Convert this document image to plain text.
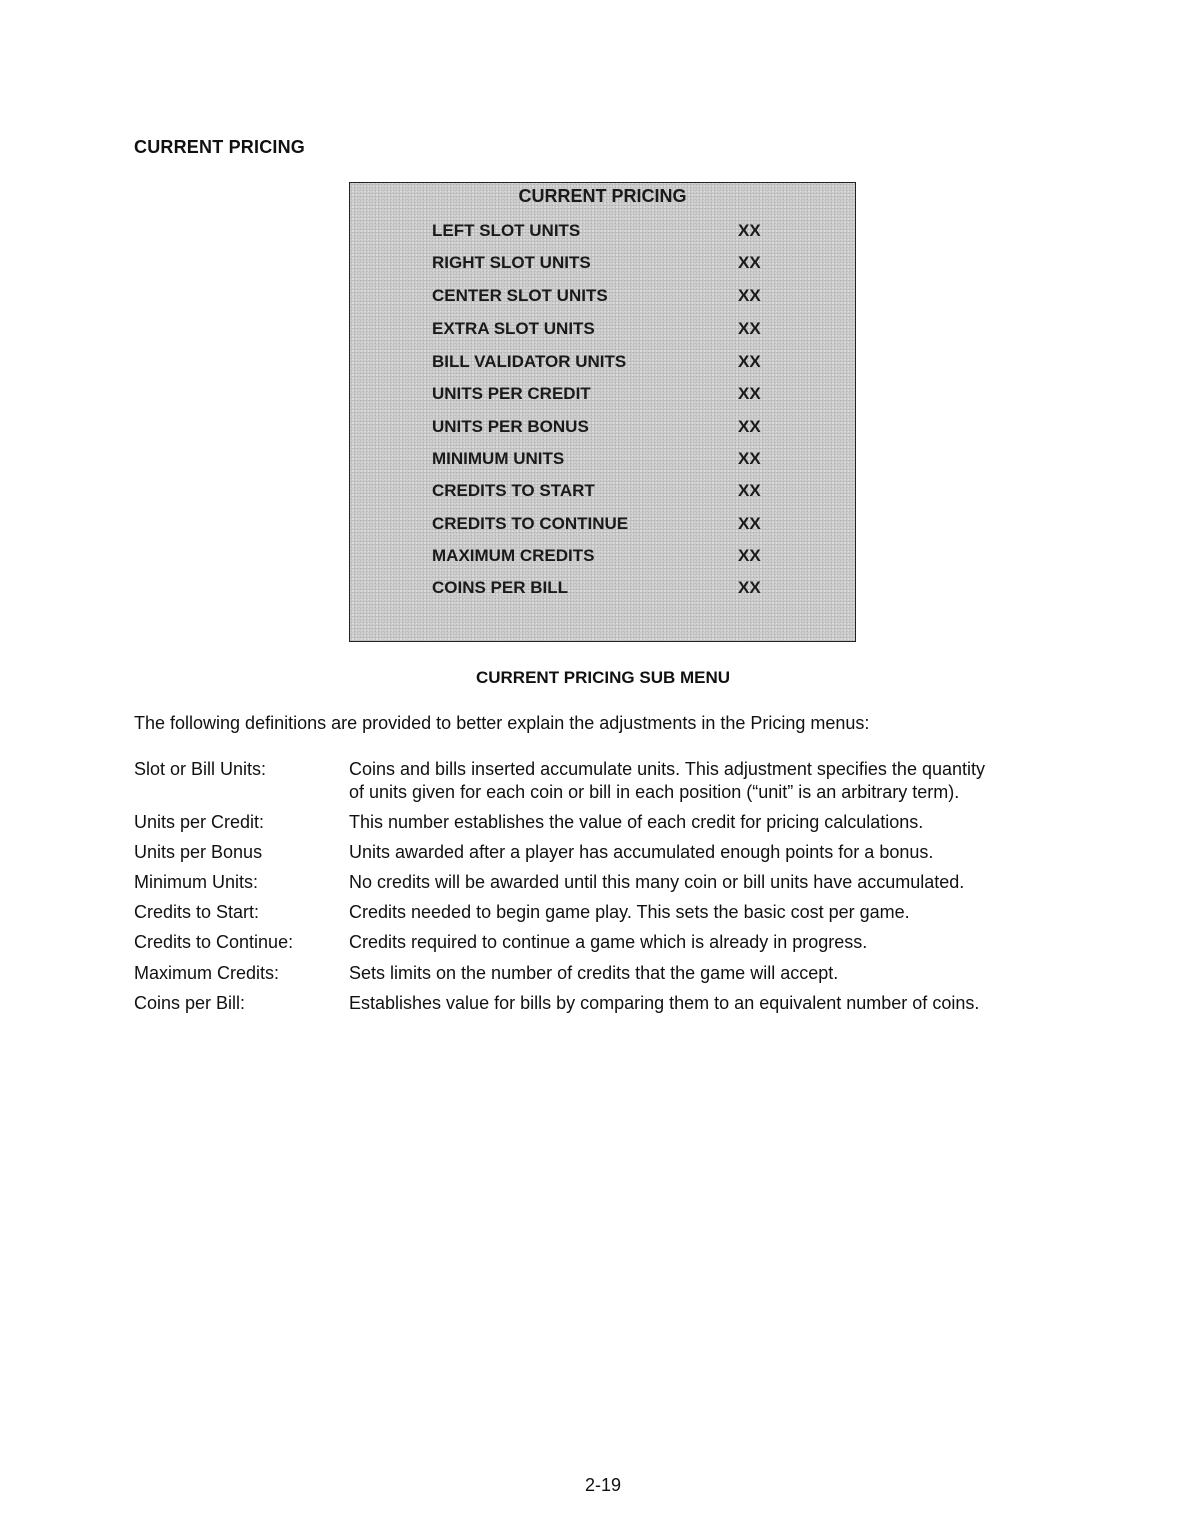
CURRENT PRICING
CURRENT PRICING
LEFT SLOT UNITS	XX
RIGHT SLOT UNITS	XX
CENTER SLOT UNITS	XX
EXTRA SLOT UNITS	XX
BILL VALIDATOR UNITS	XX
UNITS PER CREDIT	XX
UNITS PER BONUS	XX
MINIMUM UNITS	XX
CREDITS TO START	XX
CREDITS TO CONTINUE	XX
MAXIMUM CREDITS	XX
COINS PER BILL	XX
CURRENT PRICING SUB MENU
The following definitions are provided to better explain the adjustments in the Pricing menus:
Slot or Bill Units:	Coins and bills inserted accumulate units. This adjustment specifies the quantity
of units given for each coin or bill in each position (“unit” is an arbitrary term).
Units per Credit:	This number establishes the value of each credit for pricing calculations.
Units per Bonus	Units awarded after a player has accumulated enough points for a bonus.
Minimum Units:	No credits will be awarded until this many coin or bill units have accumulated.
Credits to Start:	Credits needed to begin game play. This sets the basic cost per game.
Credits to Continue:	Credits required to continue a game which is already in progress.
Maximum Credits:	Sets limits on the number of credits that the game will accept.
Coins per Bill:	Establishes value for bills by comparing them to an equivalent number of coins.
2-19
